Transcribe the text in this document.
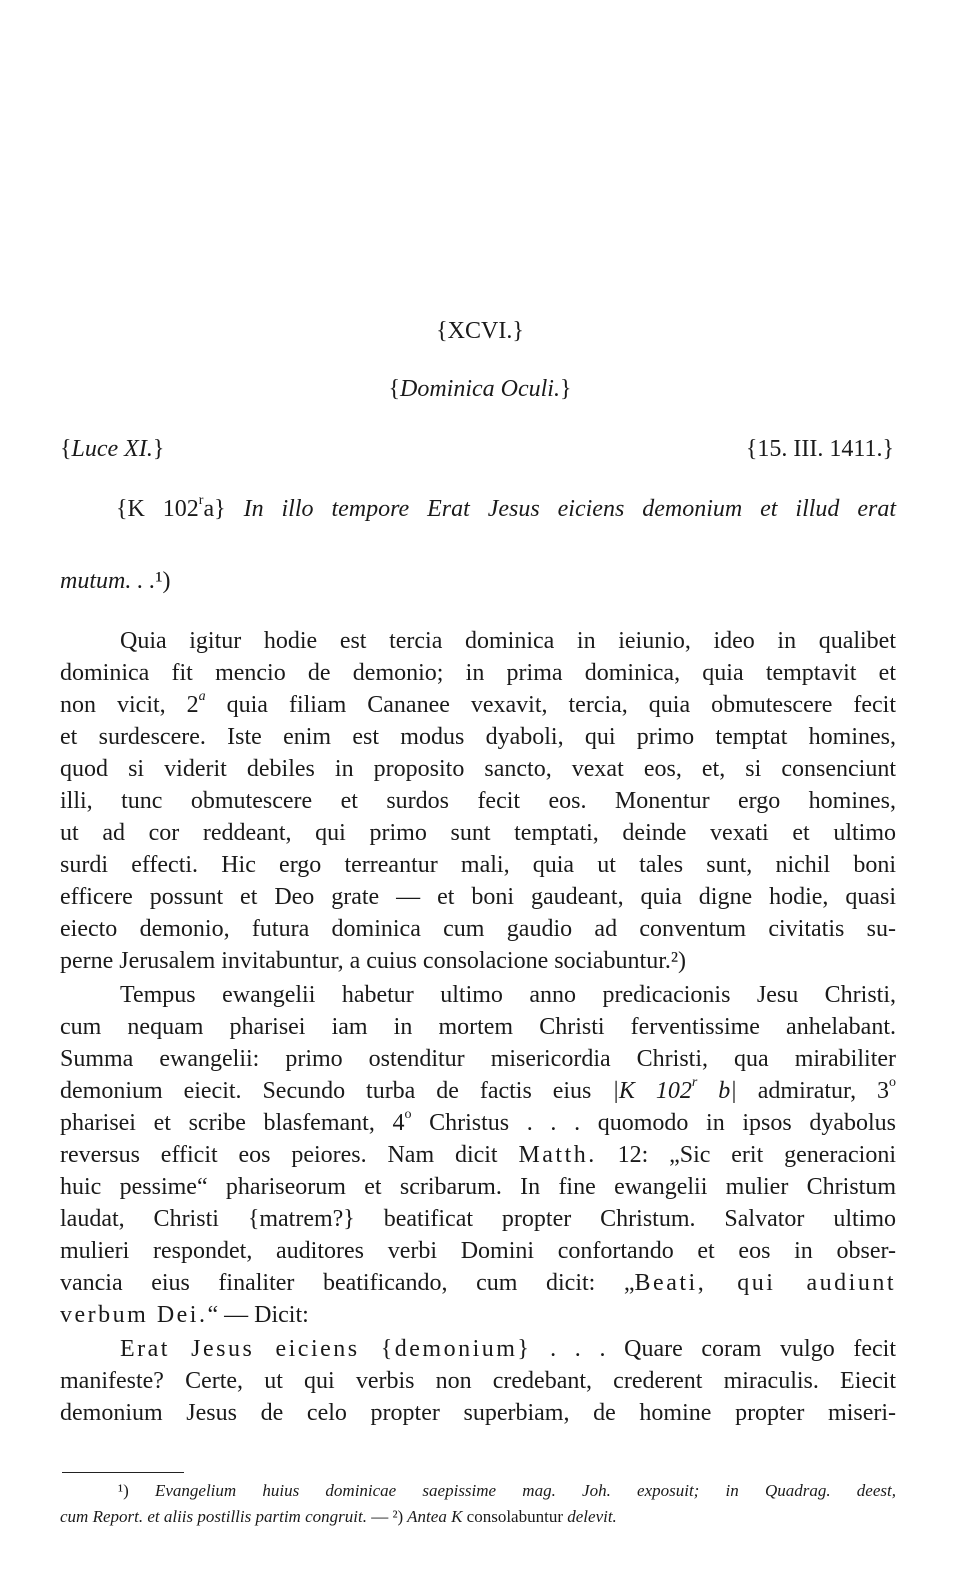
{XCVI.}
{Dominica Oculi.}
{Luce XI.}	{15. III. 1411.}
{K 102$^r$a} In illo tempore Erat Jesus eiciens demonium et illud erat
mutum. . .¹)
Quia igitur hodie est tercia dominica in ieiunio, ideo in qualibet
dominica fit mencio de demonio; in prima dominica, quia temptavit et
non vicit, 2$^a$ quia filiam Cananee vexavit, tercia, quia obmutescere fecit
et surdescere. Iste enim est modus dyaboli, qui primo temptat homines,
quod si viderit debiles in proposito sancto, vexat eos, et, si consenciunt
illi, tunc obmutescere et surdos fecit eos. Monentur ergo homines,
ut ad cor reddeant, qui primo sunt temptati, deinde vexati et ultimo
surdi effecti. Hic ergo terreantur mali, quia ut tales sunt, nichil boni
efficere possunt et Deo grate — et boni gaudeant, quia digne hodie, quasi
eiecto demonio, futura dominica cum gaudio ad conventum civitatis su-
perne Jerusalem invitabuntur, a cuius consolacione sociabuntur.²)
Tempus ewangelii habetur ultimo anno predicacionis Jesu Christi,
cum nequam pharisei iam in mortem Christi ferventissime anhelabant.
Summa ewangelii: primo ostenditur misericordia Christi, qua mirabiliter
demonium eiecit. Secundo turba de factis eius |K 102$^r$ b| admiratur, 3$^o$
pharisei et scribe blasfemant, 4$^o$ Christus . . . quomodo in ipsos dyabolus
reversus efficit eos peiores. Nam dicit Matth. 12: „Sic erit generacioni
huic pessime“ phariseorum et scribarum. In fine ewangelii mulier Christum
laudat, Christi {matrem?} beatificat propter Christum. Salvator ultimo
mulieri respondet, auditores verbi Domini confortando et eos in obser-
vancia eius finaliter beatificando, cum dicit: „Beati, qui audiunt
verbum Dei.“ — Dicit:
Erat Jesus eiciens {demonium} . . . Quare coram vulgo fecit
manifeste? Certe, ut qui verbis non credebant, crederent miraculis. Eiecit
demonium Jesus de celo propter superbiam, de homine propter miseri-
¹) Evangelium huius dominicae saepissime mag. Joh. exposuit; in Quadrag. deest,
cum Report. et aliis postillis partim congruit. — ²) Antea K consolabuntur delevit.
